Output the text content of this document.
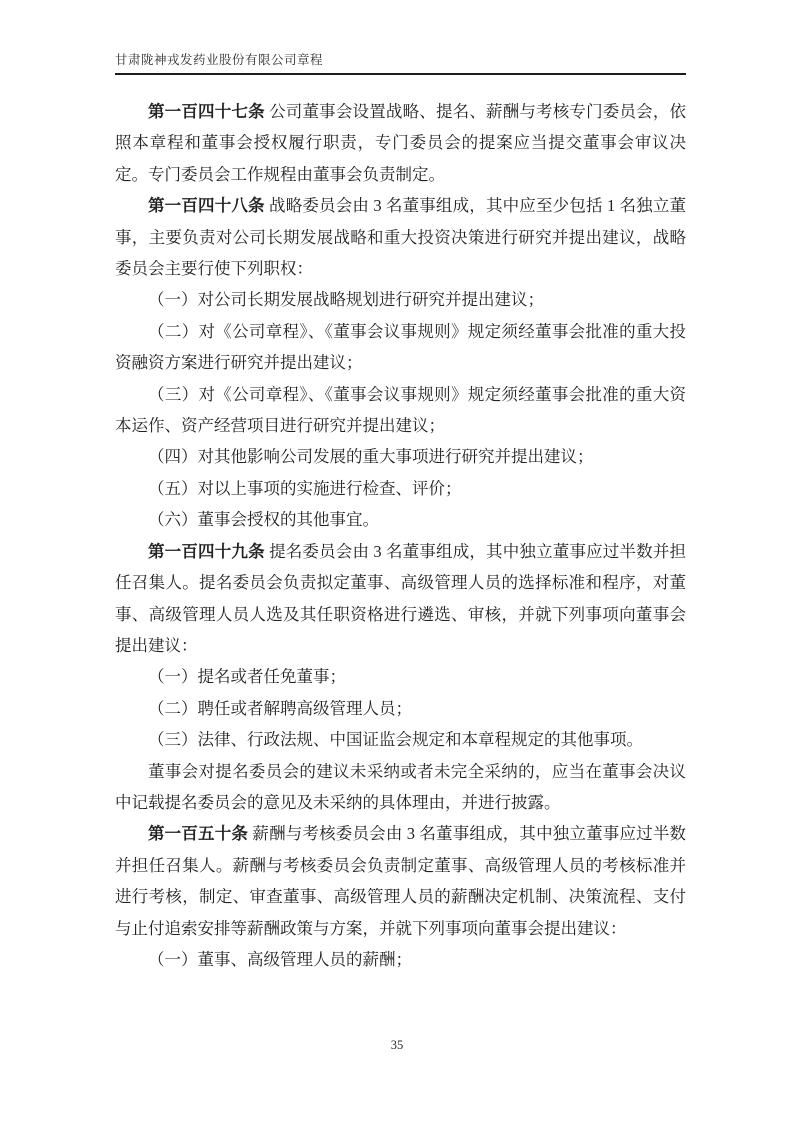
甘肃陇神戎发药业股份有限公司章程

第一百四十七条 公司董事会设置战略、提名、薪酬与考核专门委员会，依照本章程和董事会授权履行职责，专门委员会的提案应当提交董事会审议决定。专门委员会工作规程由董事会负责制定。

第一百四十八条 战略委员会由 3 名董事组成，其中应至少包括 1 名独立董事，主要负责对公司长期发展战略和重大投资决策进行研究并提出建议，战略委员会主要行使下列职权：

（一）对公司长期发展战略规划进行研究并提出建议；

（二）对《公司章程》、《董事会议事规则》规定须经董事会批准的重大投资融资方案进行研究并提出建议；

（三）对《公司章程》、《董事会议事规则》规定须经董事会批准的重大资本运作、资产经营项目进行研究并提出建议；

（四）对其他影响公司发展的重大事项进行研究并提出建议；

（五）对以上事项的实施进行检查、评价；

（六）董事会授权的其他事宜。

第一百四十九条 提名委员会由 3 名董事组成，其中独立董事应过半数并担任召集人。提名委员会负责拟定董事、高级管理人员的选择标准和程序，对董事、高级管理人员人选及其任职资格进行遴选、审核，并就下列事项向董事会提出建议：

（一）提名或者任免董事；

（二）聘任或者解聘高级管理人员；

（三）法律、行政法规、中国证监会规定和本章程规定的其他事项。

董事会对提名委员会的建议未采纳或者未完全采纳的，应当在董事会决议中记载提名委员会的意见及未采纳的具体理由，并进行披露。

第一百五十条 薪酬与考核委员会由 3 名董事组成，其中独立董事应过半数并担任召集人。薪酬与考核委员会负责制定董事、高级管理人员的考核标准并进行考核，制定、审查董事、高级管理人员的薪酬决定机制、决策流程、支付与止付追索安排等薪酬政策与方案，并就下列事项向董事会提出建议：

（一）董事、高级管理人员的薪酬；

35
